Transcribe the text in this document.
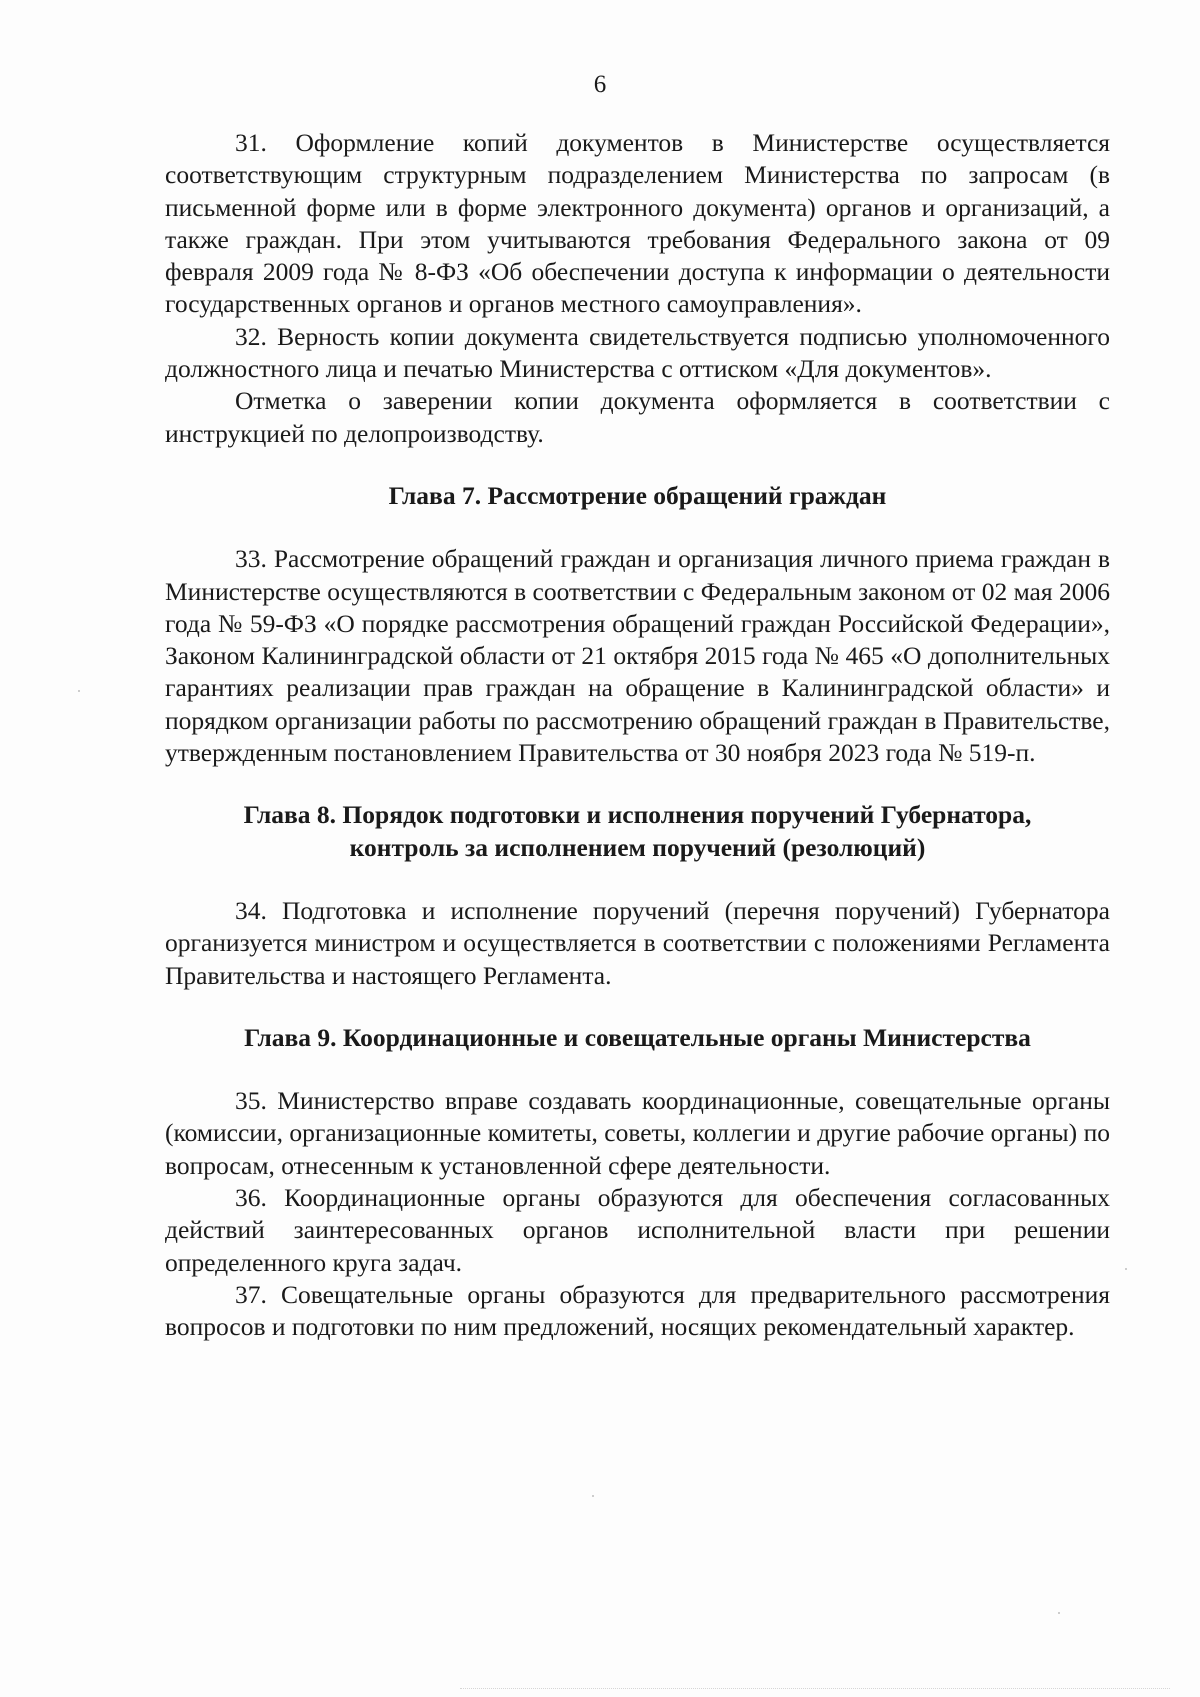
6

31. Оформление копий документов в Министерстве осуществляется соответствующим структурным подразделением Министерства по запросам (в письменной форме или в форме электронного документа) органов и организаций, а также граждан. При этом учитываются требования Федерального закона от 09 февраля 2009 года № 8-ФЗ «Об обеспечении доступа к информации о деятельности государственных органов и органов местного самоуправления».

32. Верность копии документа свидетельствуется подписью уполномоченного должностного лица и печатью Министерства с оттиском «Для документов».

Отметка о заверении копии документа оформляется в соответствии с инструкцией по делопроизводству.

Глава 7. Рассмотрение обращений граждан

33. Рассмотрение обращений граждан и организация личного приема граждан в Министерстве осуществляются в соответствии с Федеральным законом от 02 мая 2006 года № 59-ФЗ «О порядке рассмотрения обращений граждан Российской Федерации», Законом Калининградской области от 21 октября 2015 года № 465 «О дополнительных гарантиях реализации прав граждан на обращение в Калининградской области» и порядком организации работы по рассмотрению обращений граждан в Правительстве, утвержденным постановлением Правительства от 30 ноября 2023 года № 519-п.

Глава 8. Порядок подготовки и исполнения поручений Губернатора,
контроль за исполнением поручений (резолюций)

34. Подготовка и исполнение поручений (перечня поручений) Губернатора организуется министром и осуществляется в соответствии с положениями Регламента Правительства и настоящего Регламента.

Глава 9. Координационные и совещательные органы Министерства

35. Министерство вправе создавать координационные, совещательные органы (комиссии, организационные комитеты, советы, коллегии и другие рабочие органы) по вопросам, отнесенным к установленной сфере деятельности.

36. Координационные органы образуются для обеспечения согласованных действий заинтересованных органов исполнительной власти при решении определенного круга задач.

37. Совещательные органы образуются для предварительного рассмотрения вопросов и подготовки по ним предложений, носящих рекомендательный характер.
